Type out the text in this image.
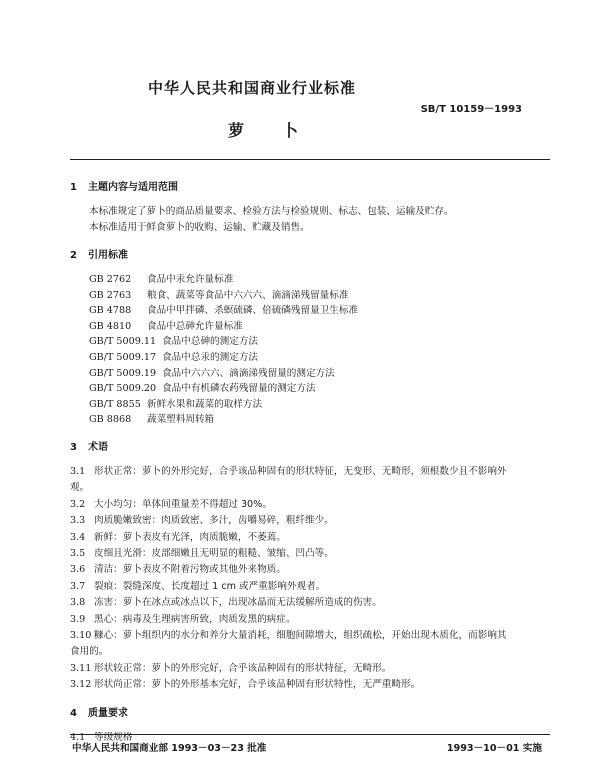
中华人民共和国商业行业标准
SB/T 10159－1993
萝卜
1 主题内容与适用范围

本标准规定了萝卜的商品质量要求、检验方法与检验规则、标志、包装、运输及贮存。

本标准适用于鲜食萝卜的收购、运输、贮藏及销售。

2 引用标准
GB 2762 食品中汞允许量标准
GB 2763 粮食、蔬菜等食品中六六六、滴滴涕残留量标准
GB 4788 食品中甲拌磷、杀螟硫磷、倍硫磷残留量卫生标准
GB 4810 食品中总砷允许量标准
GB/T 5009.11 食品中总砷的测定方法
GB/T 5009.17 食品中总汞的测定方法
GB/T 5009.19 食品中六六六、滴滴涕残留量的测定方法
GB/T 5009.20 食品中有机磷农药残留量的测定方法
GB/T 8855 新鲜水果和蔬菜的取样方法
GB 8868 蔬菜塑料周转箱
3 术语

3.1 形状正常：萝卜的外形完好，合乎该品种固有的形状特征，无变形、无畸形，须根数少且不影响外

观。

3.2 大小均匀：单体间重量差不得超过 30%。

3.3 肉质脆嫩致密：肉质致密、多汁，齿嚼易碎，粗纤维少。

3.4 新鲜：萝卜表皮有光泽，肉质脆嫩，不萎蔫。

3.5 皮细且光滑：皮部细嫩且无明显的粗糙、皱缩、凹凸等。

3.6 清洁：萝卜表皮不附着污物或其他外来物质。

3.7 裂痕：裂缝深度、长度超过 1 cm 或严重影响外观者。

3.8 冻害：萝卜在冰点或冰点以下，出现冰晶而无法缓解所造成的伤害。

3.9 黑心：病毒及生理病害所致，肉质发黑的病症。

3.10 糠心：萝卜组织内的水分和养分大量消耗，细胞间隙增大，组织疏松，开始出现木质化，而影响其

食用的。

3.11 形状较正常：萝卜的外形完好，合乎该品种固有的形状特征，无畸形。

3.12 形状尚正常：萝卜的外形基本完好，合乎该品种固有形状特性，无严重畸形。

4 质量要求

4.1 等级规格

中华人民共和国商业部 1993－03－23 批准	1993－10－01 实施
